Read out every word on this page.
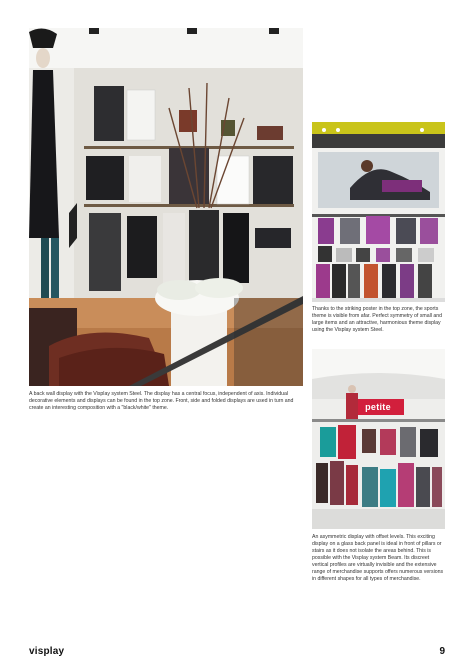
petite

A back wall display with the Visplay system Steel. The display has a central focus, independent of axis. Individual decorative elements and displays can be found in the top zone. Front, side and folded displays are used in turn and create an interesting composition with a "black/white" theme.

Thanks to the striking poster in the top zone, the sports theme is visible from afar. Perfect symmetry of small and large items and an attractive, harmonious theme display using the Visplay system Steel.

An asymmetric display with offset levels. This exciting display on a glass back panel is ideal in front of pillars or stairs as it does not isolate the areas behind. This is possible with the Visplay system Beam. Its discreet vertical profiles are virtually invisible and the extensive range of merchandise supports offers numerous versions in different shapes for all types of merchandise.

visplay	9
